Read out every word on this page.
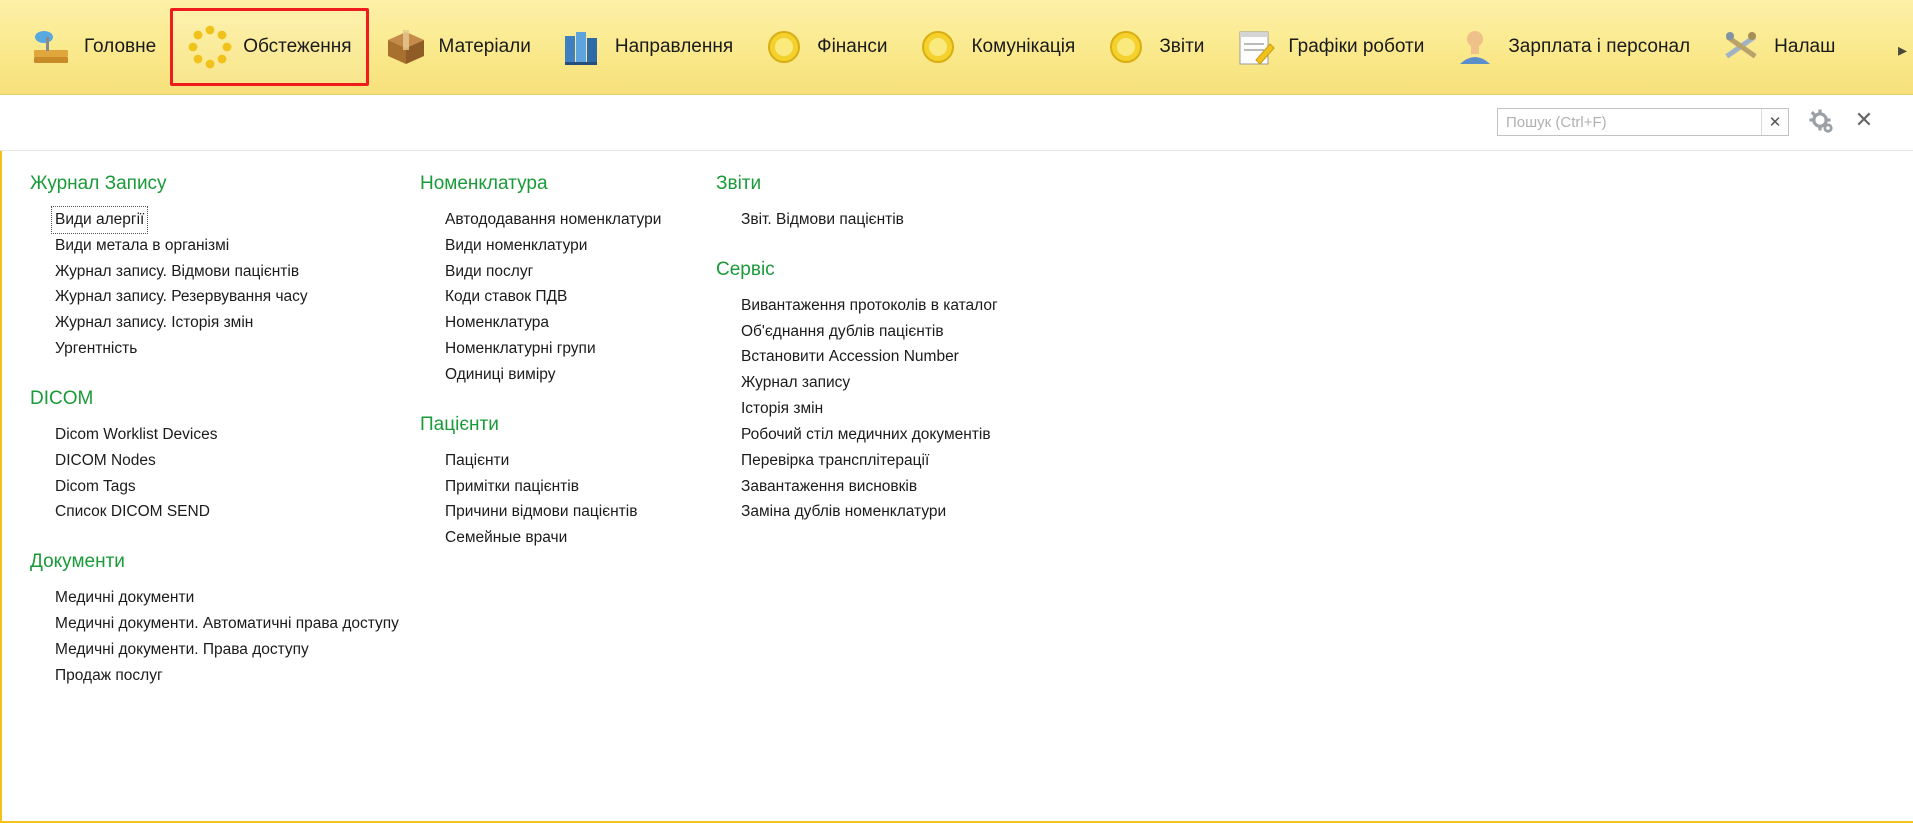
Головне	Обстеження	Матеріали	Направлення	Фінанси	Комунікація	Звіти	Графіки роботи	Зарплата і персонал	Налаш	▸
Пошук (Ctrl+F)
✕	✕
Журнал Запису
Види алергії
Види метала в організмі
Журнал запису. Відмови пацієнтів
Журнал запису. Резервування часу
Журнал запису. Історія змін
Ургентність
DICOM
Dicom Worklist Devices
DICOM Nodes
Dicom Tags
Список DICOM SEND
Документи
Медичні документи
Медичні документи. Автоматичні права доступу
Медичні документи. Права доступу
Продаж послуг
Номенклатура
Автододавання номенклатури
Види номенклатури
Види послуг
Коди ставок ПДВ
Номенклатура
Номенклатурні групи
Одиниці виміру
Пацієнти
Пацієнти
Примітки пацієнтів
Причини відмови пацієнтів
Семейные врачи
Звіти
Звіт. Відмови пацієнтів
Сервіс
Вивантаження протоколів в каталог
Об'єднання дублів пацієнтів
Встановити Accession Number
Журнал запису
Історія змін
Робочий стіл медичних документів
Перевірка трансплітерації
Завантаження висновків
Заміна дублів номенклатури
